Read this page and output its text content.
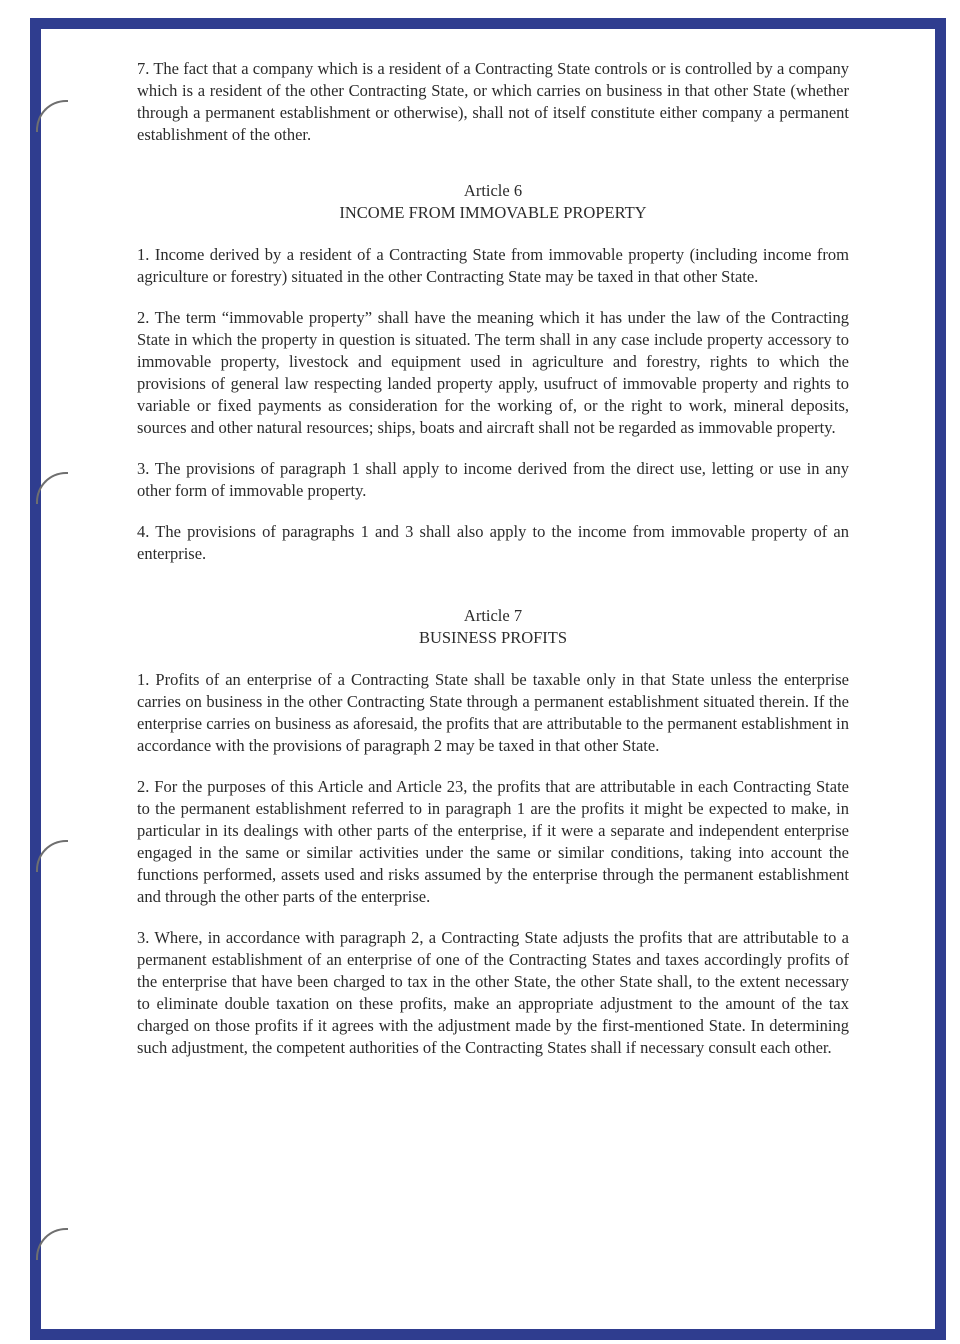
7. The fact that a company which is a resident of a Contracting State controls or is controlled by a company which is a resident of the other Contracting State, or which carries on business in that other State (whether through a permanent establishment or otherwise), shall not of itself constitute either company a permanent establishment of the other.

Article 6
INCOME FROM IMMOVABLE PROPERTY

1. Income derived by a resident of a Contracting State from immovable property (including income from agriculture or forestry) situated in the other Contracting State may be taxed in that other State.

2. The term “immovable property” shall have the meaning which it has under the law of the Contracting State in which the property in question is situated. The term shall in any case include property accessory to immovable property, livestock and equipment used in agriculture and forestry, rights to which the provisions of general law respecting landed property apply, usufruct of immovable property and rights to variable or fixed payments as consideration for the working of, or the right to work, mineral deposits, sources and other natural resources; ships, boats and aircraft shall not be regarded as immovable property.

3. The provisions of paragraph 1 shall apply to income derived from the direct use, letting or use in any other form of immovable property.

4. The provisions of paragraphs 1 and 3 shall also apply to the income from immovable property of an enterprise.

Article 7
BUSINESS PROFITS

1. Profits of an enterprise of a Contracting State shall be taxable only in that State unless the enterprise carries on business in the other Contracting State through a permanent establishment situated therein. If the enterprise carries on business as aforesaid, the profits that are attributable to the permanent establishment in accordance with the provisions of paragraph 2 may be taxed in that other State.

2. For the purposes of this Article and Article 23, the profits that are attributable in each Contracting State to the permanent establishment referred to in paragraph 1 are the profits it might be expected to make, in particular in its dealings with other parts of the enterprise, if it were a separate and independent enterprise engaged in the same or similar activities under the same or similar conditions, taking into account the functions performed, assets used and risks assumed by the enterprise through the permanent establishment and through the other parts of the enterprise.

3. Where, in accordance with paragraph 2, a Contracting State adjusts the profits that are attributable to a permanent establishment of an enterprise of one of the Contracting States and taxes accordingly profits of the enterprise that have been charged to tax in the other State, the other State shall, to the extent necessary to eliminate double taxation on these profits, make an appropriate adjustment to the amount of the tax charged on those profits if it agrees with the adjustment made by the first-mentioned State. In determining such adjustment, the competent authorities of the Contracting States shall if necessary consult each other.
